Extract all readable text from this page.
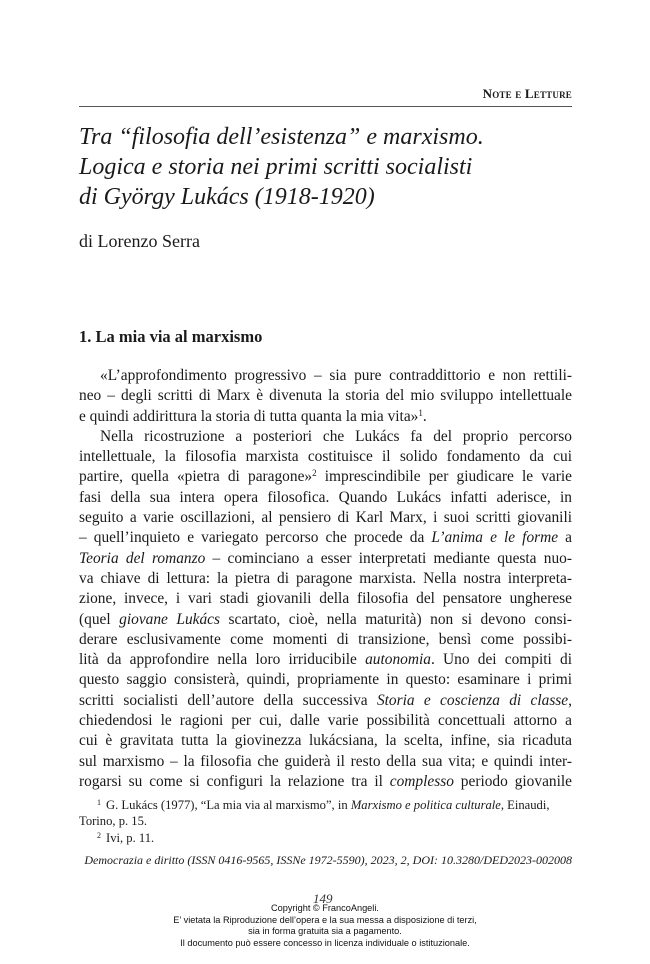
Note e Letture
Tra “filosofia dell’esistenza” e marxismo.
Logica e storia nei primi scritti socialisti
di György Lukács (1918-1920)
di Lorenzo Serra
1. La mia via al marxismo
«L’approfondimento progressivo – sia pure contraddittorio e non rettili-
neo – degli scritti di Marx è divenuta la storia del mio sviluppo intellettuale
e quindi addirittura la storia di tutta quanta la mia vita»$^1$.
Nella ricostruzione a posteriori che Lukács fa del proprio percorso
intellettuale, la filosofia marxista costituisce il solido fondamento da cui
partire, quella «pietra di paragone»$^2$ imprescindibile per giudicare le varie
fasi della sua intera opera filosofica. Quando Lukács infatti aderisce, in
seguito a varie oscillazioni, al pensiero di Karl Marx, i suoi scritti giovanili
– quell’inquieto e variegato percorso che procede da L’anima e le forme a
Teoria del romanzo – cominciano a esser interpretati mediante questa nuo-
va chiave di lettura: la pietra di paragone marxista. Nella nostra interpreta-
zione, invece, i vari stadi giovanili della filosofia del pensatore ungherese
(quel giovane Lukács scartato, cioè, nella maturità) non si devono consi-
derare esclusivamente come momenti di transizione, bensì come possibi-
lità da approfondire nella loro irriducibile autonomia. Uno dei compiti di
questo saggio consisterà, quindi, propriamente in questo: esaminare i primi
scritti socialisti dell’autore della successiva Storia e coscienza di classe,
chiedendosi le ragioni per cui, dalle varie possibilità concettuali attorno a
cui è gravitata tutta la giovinezza lukácsiana, la scelta, infine, sia ricaduta
sul marxismo – la filosofia che guiderà il resto della sua vita; e quindi inter-
rogarsi su come si configuri la relazione tra il complesso periodo giovanile
$^1$ G. Lukács (1977), “La mia via al marxismo”, in Marxismo e politica culturale, Einaudi,
Torino, p. 15.
$^2$ Ivi, p. 11.
Democrazia e diritto (ISSN 0416-9565, ISSNe 1972-5590), 2023, 2, DOI: 10.3280/DED2023-002008
149
Copyright © FrancoAngeli.
E’ vietata la Riproduzione dell’opera e la sua messa a disposizione di terzi,
sia in forma gratuita sia a pagamento.
Il documento può essere concesso in licenza individuale o istituzionale.
